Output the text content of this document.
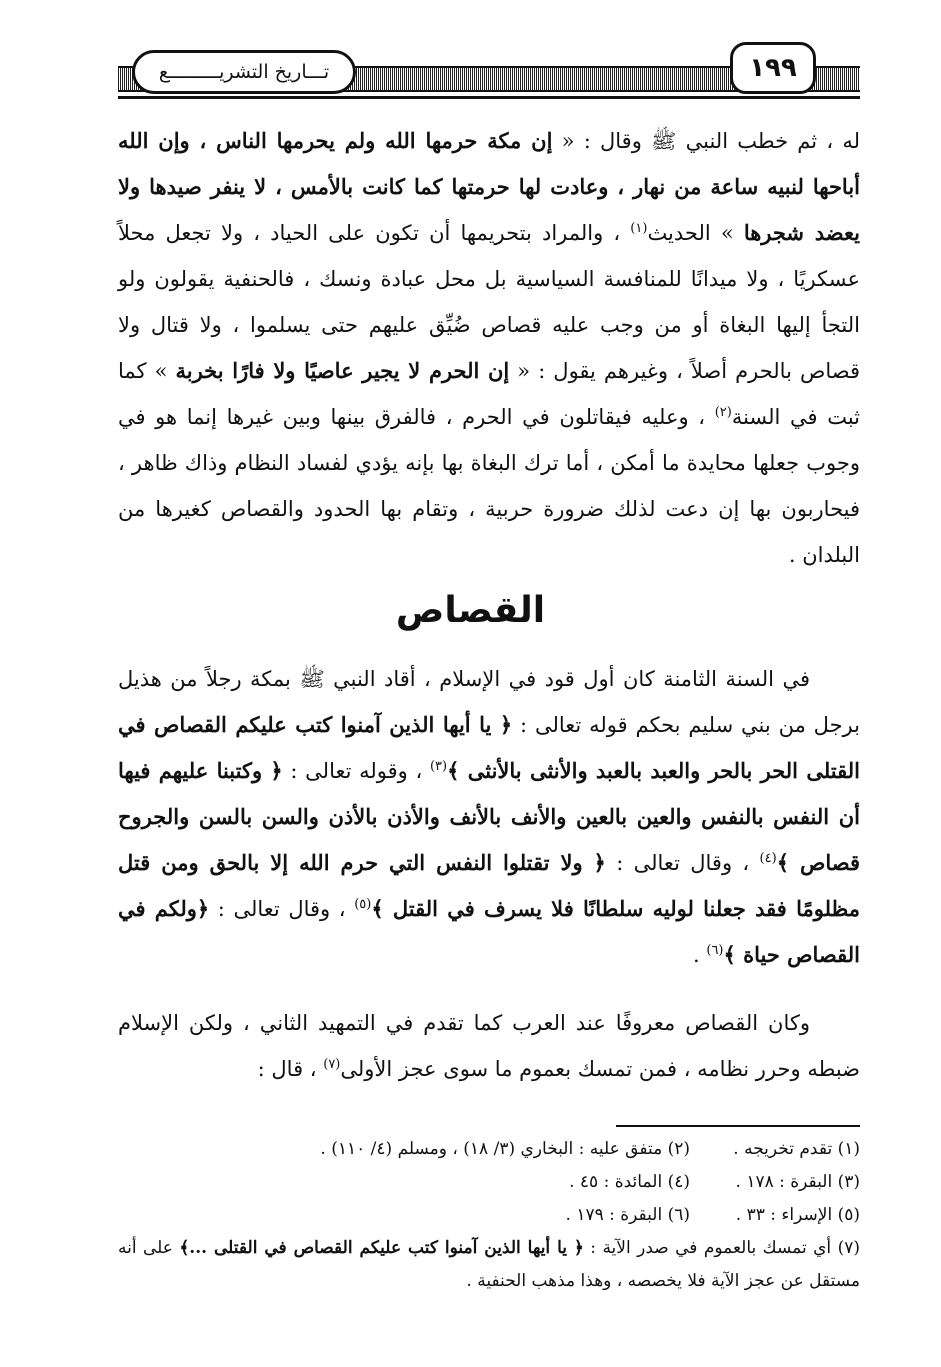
تـــاريخ التشريـــــــــع	١٩٩

له ، ثم خطب النبي ﷺ وقال : « إن مكة حرمها الله ولم يحرمها الناس ، وإن الله أباحها لنبيه ساعة من نهار ، وعادت لها حرمتها كما كانت بالأمس ، لا ينفر صيدها ولا يعضد شجرها » الحديث$^{(١)}$ ، والمراد بتحريمها أن تكون على الحياد ، ولا تجعل محلاً عسكريًا ، ولا ميدانًا للمنافسة السياسية بل محل عبادة ونسك ، فالحنفية يقولون ولو التجأ إليها البغاة أو من وجب عليه قصاص ضُيِّق عليهم حتى يسلموا ، ولا قتال ولا قصاص بالحرم أصلاً ، وغيرهم يقول : « إن الحرم لا يجير عاصيًا ولا فارًا بخربة » كما ثبت في السنة$^{(٢)}$ ، وعليه فيقاتلون في الحرم ، فالفرق بينها وبين غيرها إنما هو في وجوب جعلها محايدة ما أمكن ، أما ترك البغاة بها بإنه يؤدي لفساد النظام وذاك ظاهر ، فيحاربون بها إن دعت لذلك ضرورة حربية ، وتقام بها الحدود والقصاص كغيرها من البلدان .

القصاص

في السنة الثامنة كان أول قود في الإسلام ، أقاد النبي ﷺ بمكة رجلاً من هذيل برجل من بني سليم بحكم قوله تعالى : ﴿ يا أيها الذين آمنوا كتب عليكم القصاص في القتلى الحر بالحر والعبد بالعبد والأنثى بالأنثى ﴾$^{(٣)}$ ، وقوله تعالى : ﴿ وكتبنا عليهم فيها أن النفس بالنفس والعين بالعين والأنف بالأنف والأذن بالأذن والسن بالسن والجروح قصاص ﴾$^{(٤)}$ ، وقال تعالى : ﴿ ولا تقتلوا النفس التي حرم الله إلا بالحق ومن قتل مظلومًا فقد جعلنا لوليه سلطانًا فلا يسرف في القتل ﴾$^{(٥)}$ ، وقال تعالى : ﴿ولكم في القصاص حياة ﴾$^{(٦)}$ .

وكان القصاص معروفًا عند العرب كما تقدم في التمهيد الثاني ، ولكن الإسلام ضبطه وحرر نظامه ، فمن تمسك بعموم ما سوى عجز الأولى$^{(٧)}$ ، قال :

(١) تقدم تخريجه .
(٢) متفق عليه : البخاري (٣/ ١٨) ، ومسلم (٤/ ١١٠) .
(٣) البقرة : ١٧٨ .
(٤) المائدة : ٤٥ .
(٥) الإسراء : ٣٣ .
(٦) البقرة : ١٧٩ .
(٧) أي تمسك بالعموم في صدر الآية : ﴿ يا أيها الذين آمنوا كتب عليكم القصاص في القتلى ...﴾ على أنه مستقل عن عجز الآية فلا يخصصه ، وهذا مذهب الحنفية .
